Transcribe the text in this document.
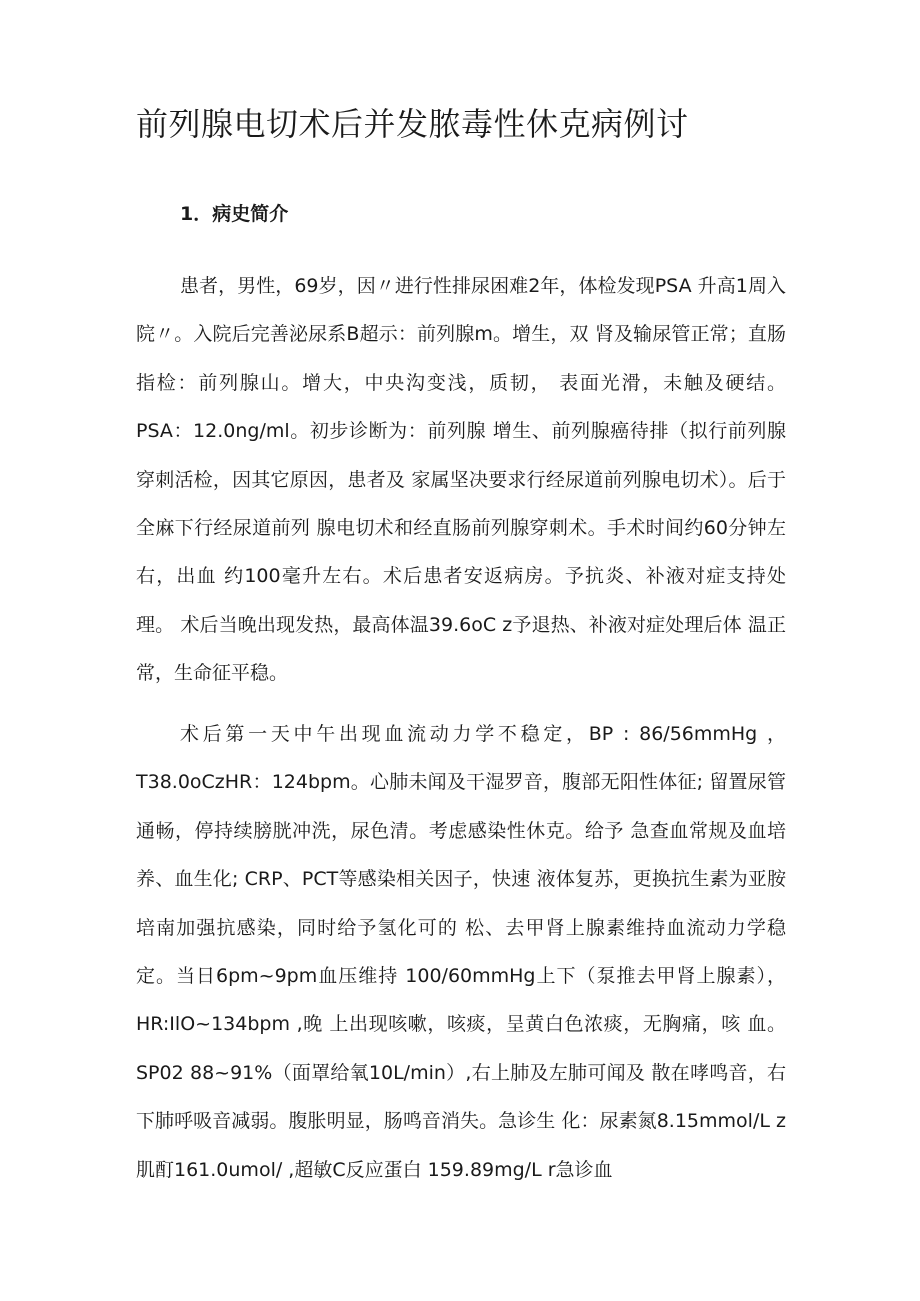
前列腺电切术后并发脓毒性休克病例讨
1．病史简介

患者，男性，69岁，因〃进行性排尿困难2年，体检发现PSA 升高1周入院〃。入院后完善泌尿系B超示：前列腺m。增生，双 肾及输尿管正常；直肠指检：前列腺山。增大，中央沟变浅，质韧， 表面光滑，未触及硬结。PSA：12.0ng∕ml。初步诊断为：前列腺 增生、前列腺癌待排（拟行前列腺穿刺活检，因其它原因，患者及 家属坚决要求行经尿道前列腺电切术）。后于全麻下行经尿道前列 腺电切术和经直肠前列腺穿刺术。手术时间约60分钟左右，出血 约100毫升左右。术后患者安返病房。予抗炎、补液对症支持处理。 术后当晚出现发热，最高体温39.6oC z予退热、补液对症处理后体 温正常，生命征平稳。

术后第一天中午出现血流动力学不稳定，BP : 86∕56mmHg ，T38.0oCzHR：124bpm。心肺未闻及干湿罗音，腹部无阳性体征; 留置尿管通畅，停持续膀胱冲洗，尿色清。考虑感染性休克。给予 急查血常规及血培养、血生化; CRP、PCT等感染相关因子，快速 液体复苏，更换抗生素为亚胺培南加强抗感染，同时给予氢化可的 松、去甲肾上腺素维持血流动力学稳定。当日6pm~9pm血压维持 100∕60mmHg上下（泵推去甲肾上腺素），HR:IlO~134bpm ,晚 上出现咳嗽，咳痰，呈黄白色浓痰，无胸痛，咳 血。SP02 88~91%（面罩给氧10L∕min）,右上肺及左肺可闻及 散在哮鸣音，右下肺呼吸音减弱。腹胀明显，肠鸣音消失。急诊生 化：尿素氮8.15mmol∕L z肌酊161.0umol∕ ,超敏C反应蛋白 159.89mg∕L r急诊血
